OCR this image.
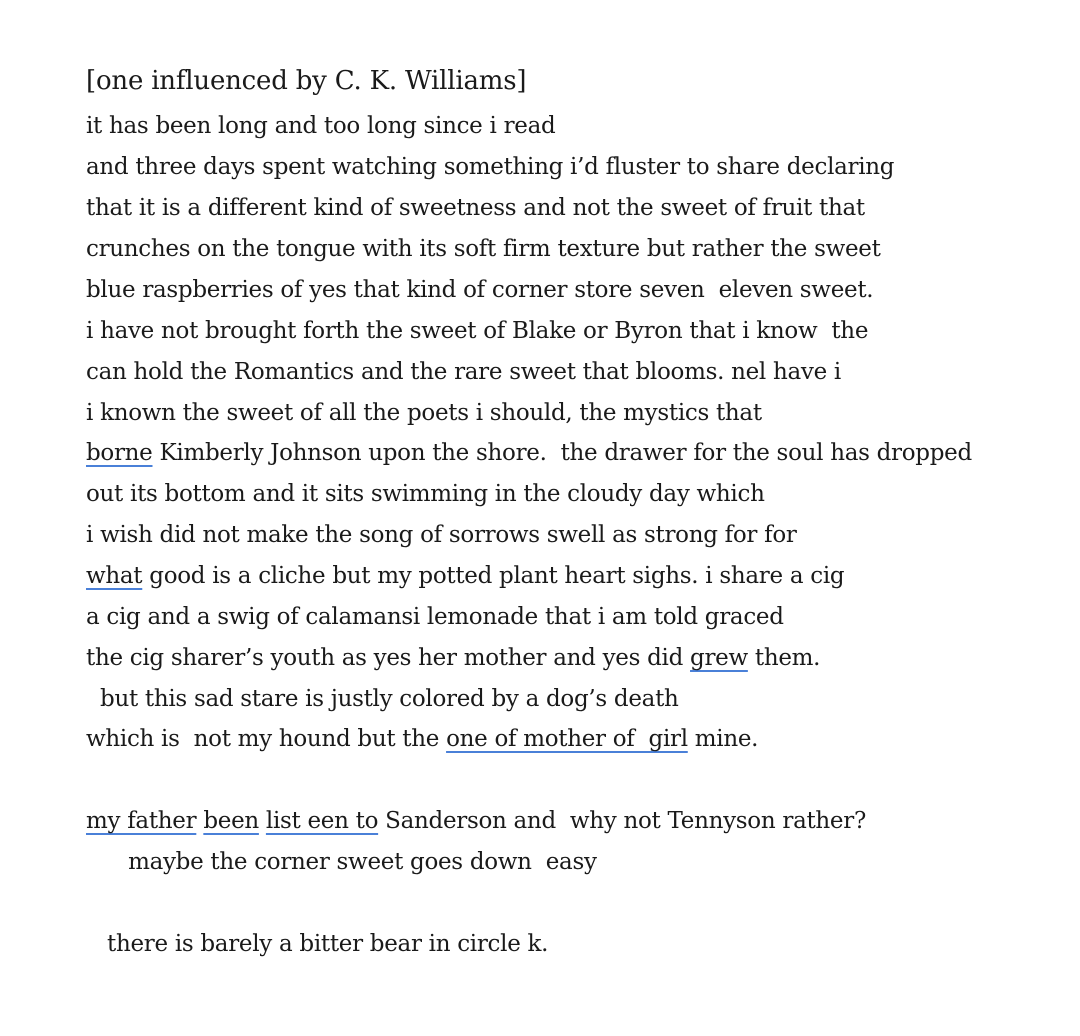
[one influenced by C. K. Williams]
it has been long and too long since i read
and three days spent watching something i’d fluster to share declaring
that it is a different kind of sweetness and not the sweet of fruit that
crunches on the tongue with its soft firm texture but rather the sweet
blue raspberries of yes that kind of corner store seven  eleven sweet.
i have not brought forth the sweet of Blake or Byron that i know  the
can hold the Romantics and the rare sweet that blooms. nel have i
i known the sweet of all the poets i should, the mystics that
borne Kimberly Johnson upon the shore.  the drawer for the soul has dropped
out its bottom and it sits swimming in the cloudy day which
i wish did not make the song of sorrows swell as strong for for
what good is a cliche but my potted plant heart sighs. i share a cig
a cig and a swig of calamansi lemonade that i am told graced
the cig sharer’s youth as yes her mother and yes did grew them.
but this sad stare is justly colored by a dog’s death
which is  not my hound but the one of mother of  girl mine.
my father been list een to Sanderson and  why not Tennyson rather?
maybe the corner sweet goes down  easy
there is barely a bitter bear in circle k.
